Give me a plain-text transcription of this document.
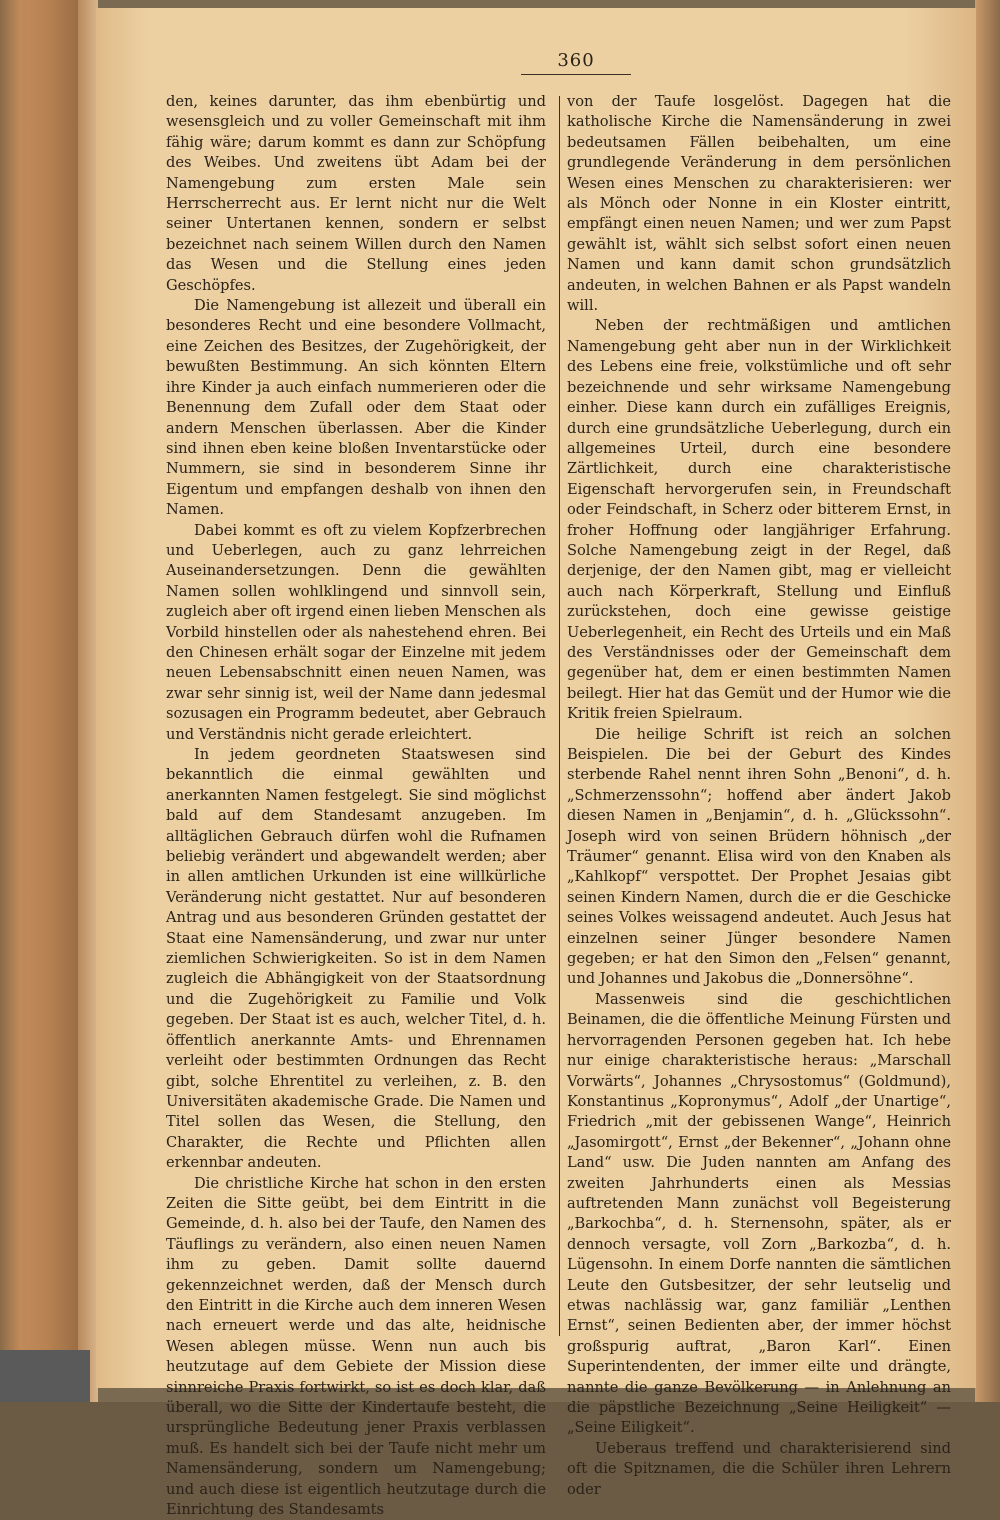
360

den, keines darunter, das ihm ebenbürtig und wesensgleich und zu voller Gemeinschaft mit ihm fähig wäre; darum kommt es dann zur Schöpfung des Weibes. Und zweitens übt Adam bei der Namengebung zum ersten Male sein Herrscherrecht aus. Er lernt nicht nur die Welt seiner Untertanen kennen, sondern er selbst bezeichnet nach seinem Willen durch den Namen das Wesen und die Stellung eines jeden Geschöpfes.

Die Namengebung ist allezeit und überall ein besonderes Recht und eine besondere Vollmacht, eine Zeichen des Besitzes, der Zugehörigkeit, der bewußten Bestimmung. An sich könnten Eltern ihre Kinder ja auch einfach nummerieren oder die Benennung dem Zufall oder dem Staat oder andern Menschen überlassen. Aber die Kinder sind ihnen eben keine bloßen Inventarstücke oder Nummern, sie sind in besonderem Sinne ihr Eigentum und empfangen deshalb von ihnen den Namen.

Dabei kommt es oft zu vielem Kopfzerbrechen und Ueberlegen, auch zu ganz lehrreichen Auseinandersetzungen. Denn die gewählten Namen sollen wohlklingend und sinnvoll sein, zugleich aber oft irgend einen lieben Menschen als Vorbild hinstellen oder als nahestehend ehren. Bei den Chinesen erhält sogar der Einzelne mit jedem neuen Lebensabschnitt einen neuen Namen, was zwar sehr sinnig ist, weil der Name dann jedesmal sozusagen ein Programm bedeutet, aber Gebrauch und Verständnis nicht gerade erleichtert.

In jedem geordneten Staatswesen sind bekanntlich die einmal gewählten und anerkannten Namen festgelegt. Sie sind möglichst bald auf dem Standesamt anzugeben. Im alltäglichen Gebrauch dürfen wohl die Rufnamen beliebig verändert und abgewandelt werden; aber in allen amtlichen Urkunden ist eine willkürliche Veränderung nicht gestattet. Nur auf besonderen Antrag und aus besonderen Gründen gestattet der Staat eine Namensänderung, und zwar nur unter ziemlichen Schwierigkeiten. So ist in dem Namen zugleich die Abhängigkeit von der Staatsordnung und die Zugehörigkeit zu Familie und Volk gegeben. Der Staat ist es auch, welcher Titel, d. h. öffentlich anerkannte Amts- und Ehrennamen verleiht oder bestimmten Ordnungen das Recht gibt, solche Ehrentitel zu verleihen, z. B. den Universitäten akademische Grade. Die Namen und Titel sollen das Wesen, die Stellung, den Charakter, die Rechte und Pflichten allen erkennbar andeuten.

Die christliche Kirche hat schon in den ersten Zeiten die Sitte geübt, bei dem Eintritt in die Gemeinde, d. h. also bei der Taufe, den Namen des Täuflings zu verändern, also einen neuen Namen ihm zu geben. Damit sollte dauernd gekennzeichnet werden, daß der Mensch durch den Eintritt in die Kirche auch dem inneren Wesen nach erneuert werde und das alte, heidnische Wesen ablegen müsse. Wenn nun auch bis heutzutage auf dem Gebiete der Mission diese sinnreiche Praxis fortwirkt, so ist es doch klar, daß überall, wo die Sitte der Kindertaufe besteht, die ursprüngliche Bedeutung jener Praxis verblassen muß. Es handelt sich bei der Taufe nicht mehr um Namensänderung, sondern um Namengebung; und auch diese ist eigentlich heutzutage durch die Einrichtung des Standesamts

von der Taufe losgelöst. Dagegen hat die katholische Kirche die Namensänderung in zwei bedeutsamen Fällen beibehalten, um eine grundlegende Veränderung in dem persönlichen Wesen eines Menschen zu charakterisieren: wer als Mönch oder Nonne in ein Kloster eintritt, empfängt einen neuen Namen; und wer zum Papst gewählt ist, wählt sich selbst sofort einen neuen Namen und kann damit schon grundsätzlich andeuten, in welchen Bahnen er als Papst wandeln will.

Neben der rechtmäßigen und amtlichen Namengebung geht aber nun in der Wirklichkeit des Lebens eine freie, volkstümliche und oft sehr bezeichnende und sehr wirksame Namengebung einher. Diese kann durch ein zufälliges Ereignis, durch eine grundsätzliche Ueberlegung, durch ein allgemeines Urteil, durch eine besondere Zärtlichkeit, durch eine charakteristische Eigenschaft hervorgerufen sein, in Freundschaft oder Feindschaft, in Scherz oder bitterem Ernst, in froher Hoffnung oder langjähriger Erfahrung. Solche Namengebung zeigt in der Regel, daß derjenige, der den Namen gibt, mag er vielleicht auch nach Körperkraft, Stellung und Einfluß zurückstehen, doch eine gewisse geistige Ueberlegenheit, ein Recht des Urteils und ein Maß des Verständnisses oder der Gemeinschaft dem gegenüber hat, dem er einen bestimmten Namen beilegt. Hier hat das Gemüt und der Humor wie die Kritik freien Spielraum.

Die heilige Schrift ist reich an solchen Beispielen. Die bei der Geburt des Kindes sterbende Rahel nennt ihren Sohn „Benoni“, d. h. „Schmerzenssohn“; hoffend aber ändert Jakob diesen Namen in „Benjamin“, d. h. „Glückssohn“. Joseph wird von seinen Brüdern höhnisch „der Träumer“ genannt. Elisa wird von den Knaben als „Kahlkopf“ verspottet. Der Prophet Jesaias gibt seinen Kindern Namen, durch die er die Geschicke seines Volkes weissagend andeutet. Auch Jesus hat einzelnen seiner Jünger besondere Namen gegeben; er hat den Simon den „Felsen“ genannt, und Johannes und Jakobus die „Donnersöhne“.

Massenweis sind die geschichtlichen Beinamen, die die öffentliche Meinung Fürsten und hervorragenden Personen gegeben hat. Ich hebe nur einige charakteristische heraus: „Marschall Vorwärts“, Johannes „Chrysostomus“ (Goldmund), Konstantinus „Kopronymus“, Adolf „der Unartige“, Friedrich „mit der gebissenen Wange“, Heinrich „Jasomirgott“, Ernst „der Bekenner“, „Johann ohne Land“ usw. Die Juden nannten am Anfang des zweiten Jahrhunderts einen als Messias auftretenden Mann zunächst voll Begeisterung „Barkochba“, d. h. Sternensohn, später, als er dennoch versagte, voll Zorn „Barkozba“, d. h. Lügensohn. In einem Dorfe nannten die sämtlichen Leute den Gutsbesitzer, der sehr leutselig und etwas nachlässig war, ganz familiär „Lenthen Ernst“, seinen Bedienten aber, der immer höchst großspurig auftrat, „Baron Karl“. Einen Superintendenten, der immer eilte und drängte, nannte die ganze Bevölkerung — in Anlehnung an die päpstliche Bezeichnung „Seine Heiligkeit“ — „Seine Eiligkeit“.

Ueberaus treffend und charakterisierend sind oft die Spitznamen, die die Schüler ihren Lehrern oder
